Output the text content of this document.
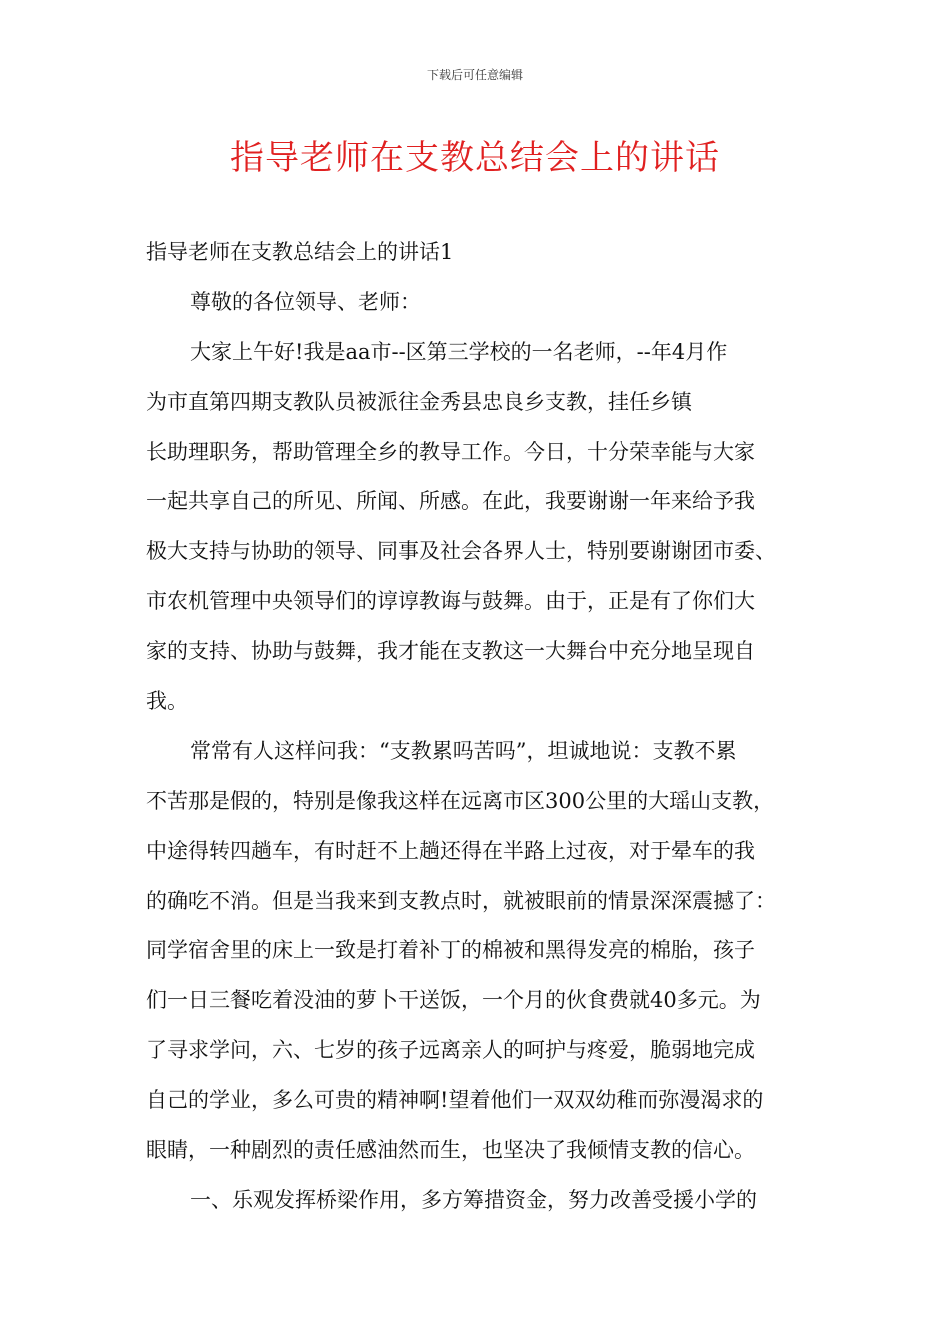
下载后可任意编辑
指导老师在支教总结会上的讲话
指导老师在支教总结会上的讲话1
尊敬的各位领导、老师：
大家上午好!我是aa市--区第三学校的一名老师，--年4月作
为市直第四期支教队员被派往金秀县忠良乡支教，挂任乡镇
长助理职务，帮助管理全乡的教导工作。今日，十分荣幸能与大家
一起共享自己的所见、所闻、所感。在此，我要谢谢一年来给予我
极大支持与协助的领导、同事及社会各界人士，特别要谢谢团市委、
市农机管理中央领导们的谆谆教诲与鼓舞。由于，正是有了你们大
家的支持、协助与鼓舞，我才能在支教这一大舞台中充分地呈现自
我。
常常有人这样问我：“支教累吗苦吗”，坦诚地说：支教不累
不苦那是假的，特别是像我这样在远离市区300公里的大瑶山支教，
中途得转四趟车，有时赶不上趟还得在半路上过夜，对于晕车的我
的确吃不消。但是当我来到支教点时，就被眼前的情景深深震撼了：
同学宿舍里的床上一致是打着补丁的棉被和黑得发亮的棉胎，孩子
们一日三餐吃着没油的萝卜干送饭，一个月的伙食费就40多元。为
了寻求学问，六、七岁的孩子远离亲人的呵护与疼爱，脆弱地完成
自己的学业，多么可贵的精神啊!望着他们一双双幼稚而弥漫渴求的
眼睛，一种剧烈的责任感油然而生，也坚决了我倾情支教的信心。
一、乐观发挥桥梁作用，多方筹措资金，努力改善受援小学的
